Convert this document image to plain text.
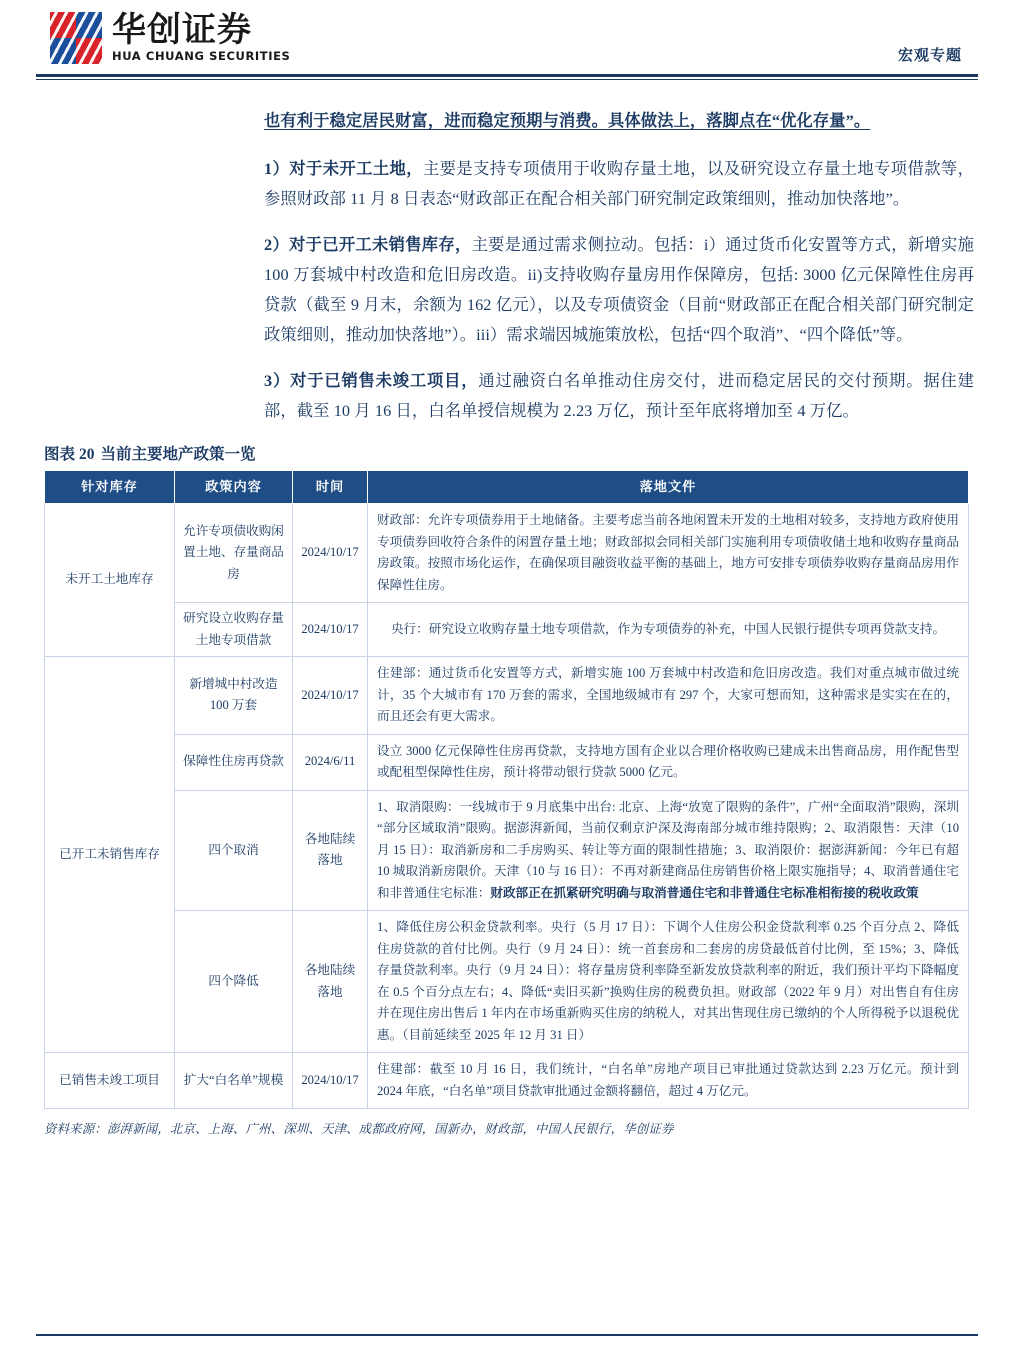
华创证券
HUA CHUANG SECURITIES	宏观专题

也有利于稳定居民财富，进而稳定预期与消费。具体做法上，落脚点在“优化存量”。

1）对于未开工土地，主要是支持专项债用于收购存量土地，以及研究设立存量土地专项借款等，参照财政部 11 月 8 日表态“财政部正在配合相关部门研究制定政策细则，推动加快落地”。

2）对于已开工未销售库存，主要是通过需求侧拉动。包括：i）通过货币化安置等方式，新增实施 100 万套城中村改造和危旧房改造。ii)支持收购存量房用作保障房，包括: 3000 亿元保障性住房再贷款（截至 9 月末，余额为 162 亿元），以及专项债资金（目前“财政部正在配合相关部门研究制定政策细则，推动加快落地”）。iii）需求端因城施策放松，包括“四个取消”、“四个降低”等。

3）对于已销售未竣工项目，通过融资白名单推动住房交付，进而稳定居民的交付预期。据住建部，截至 10 月 16 日，白名单授信规模为 2.23 万亿，预计至年底将增加至 4 万亿。

图表 20 当前主要地产政策一览
针对库存	政策内容	时间	落地文件
未开工土地库存	允许专项债收购闲置土地、存量商品房	2024/10/17	财政部：允许专项债券用于土地储备。主要考虑当前各地闲置未开发的土地相对较多，支持地方政府使用专项债券回收符合条件的闲置存量土地；财政部拟会同相关部门实施利用专项债收储土地和收购存量商品房政策。按照市场化运作，在确保项目融资收益平衡的基础上，地方可安排专项债券收购存量商品房用作保障性住房。
	研究设立收购存量土地专项借款	2024/10/17	央行：研究设立收购存量土地专项借款，作为专项债券的补充，中国人民银行提供专项再贷款支持。
已开工未销售库存	新增城中村改造 100 万套	2024/10/17	住建部：通过货币化安置等方式，新增实施 100 万套城中村改造和危旧房改造。我们对重点城市做过统计，35 个大城市有 170 万套的需求，全国地级城市有 297 个，大家可想而知，这种需求是实实在在的，而且还会有更大需求。
	保障性住房再贷款	2024/6/11	设立 3000 亿元保障性住房再贷款，支持地方国有企业以合理价格收购已建成未出售商品房，用作配售型或配租型保障性住房，预计将带动银行贷款 5000 亿元。
	四个取消	各地陆续落地	1、取消限购：一线城市于 9 月底集中出台: 北京、上海“放宽了限购的条件”，广州“全面取消”限购，深圳“部分区域取消”限购。据澎湃新闻，当前仅剩京沪深及海南部分城市维持限购；2、取消限售：天津（10 月 15 日）：取消新房和二手房购买、转让等方面的限制性措施；3、取消限价：据澎湃新闻：今年已有超 10 城取消新房限价。天津（10 与 16 日）：不再对新建商品住房销售价格上限实施指导；4、取消普通住宅和非普通住宅标准：财政部正在抓紧研究明确与取消普通住宅和非普通住宅标准相衔接的税收政策
	四个降低	各地陆续落地	1、降低住房公积金贷款利率。央行（5 月 17 日）：下调个人住房公积金贷款利率 0.25 个百分点 2、降低住房贷款的首付比例。央行（9 月 24 日）：统一首套房和二套房的房贷最低首付比例，至 15%；3、降低存量贷款利率。央行（9 月 24 日）：将存量房贷利率降至新发放贷款利率的附近，我们预计平均下降幅度在 0.5 个百分点左右；4、降低“卖旧买新”换购住房的税费负担。财政部（2022 年 9 月）对出售自有住房并在现住房出售后 1 年内在市场重新购买住房的纳税人，对其出售现住房已缴纳的个人所得税予以退税优惠。（目前延续至 2025 年 12 月 31 日）
已销售未竣工项目	扩大“白名单”规模	2024/10/17	住建部：截至 10 月 16 日，我们统计，“白名单”房地产项目已审批通过贷款达到 2.23 万亿元。预计到 2024 年底，“白名单”项目贷款审批通过金额将翻倍，超过 4 万亿元。
资料来源：澎湃新闻，北京、上海、广州、深圳、天津、成都政府网，国新办，财政部，中国人民银行，华创证券
